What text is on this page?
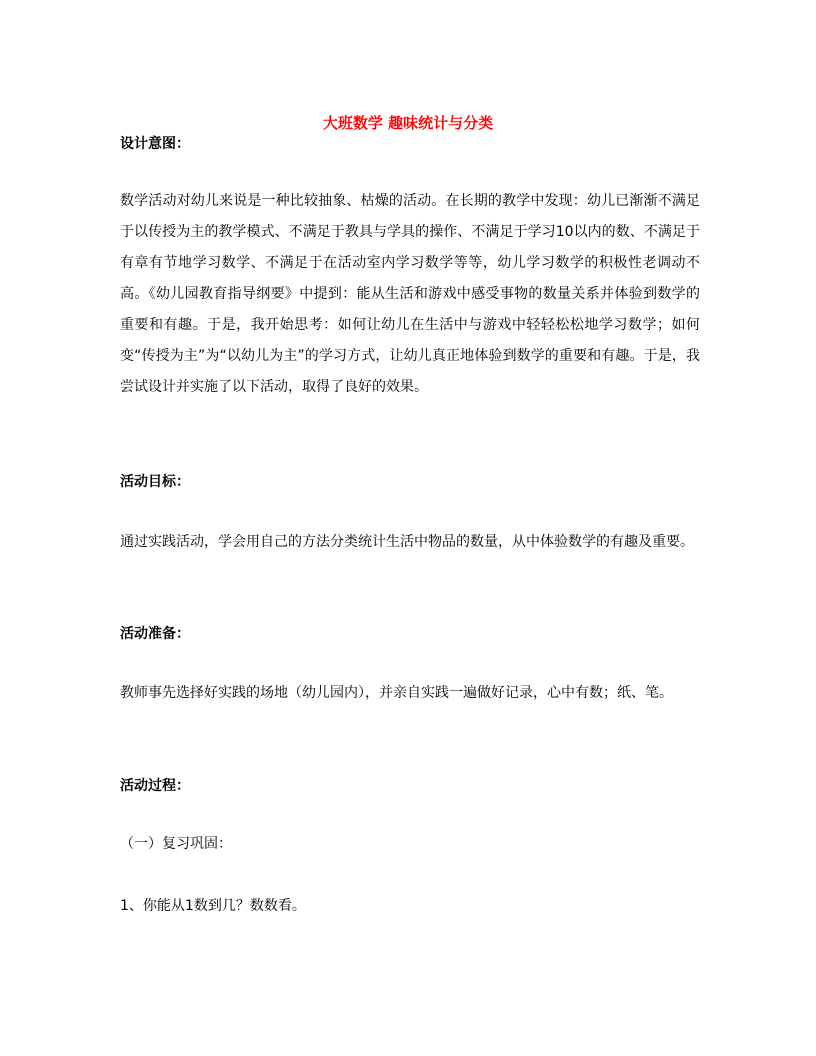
大班数学 趣味统计与分类
设计意图：
数学活动对幼儿来说是一种比较抽象、枯燥的活动。在长期的教学中发现：幼儿已渐渐不满足于以传授为主的教学模式、不满足于教具与学具的操作、不满足于学习10以内的数、不满足于有章有节地学习数学、不满足于在活动室内学习数学等等，幼儿学习数学的积极性老调动不高。《幼儿园教育指导纲要》中提到：能从生活和游戏中感受事物的数量关系并体验到数学的重要和有趣。于是，我开始思考：如何让幼儿在生活中与游戏中轻轻松松地学习数学；如何变“传授为主”为“以幼儿为主”的学习方式，让幼儿真正地体验到数学的重要和有趣。于是，我尝试设计并实施了以下活动，取得了良好的效果。
活动目标：
通过实践活动，学会用自己的方法分类统计生活中物品的数量，从中体验数学的有趣及重要。
活动准备：
教师事先选择好实践的场地（幼儿园内），并亲自实践一遍做好记录，心中有数；纸、笔。
活动过程：
（一）复习巩固：
1、你能从1数到几？数数看。
